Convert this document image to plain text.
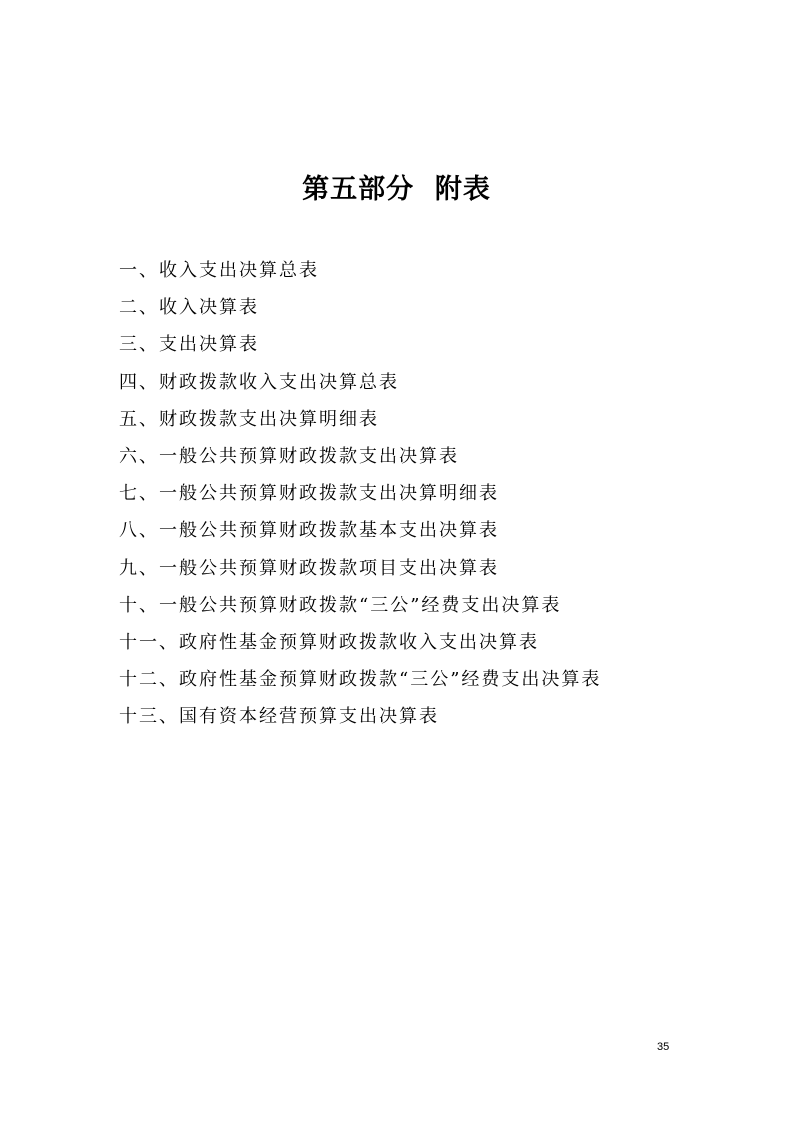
第五部分  附表
一、收入支出决算总表
二、收入决算表
三、支出决算表
四、财政拨款收入支出决算总表
五、财政拨款支出决算明细表
六、一般公共预算财政拨款支出决算表
七、一般公共预算财政拨款支出决算明细表
八、一般公共预算财政拨款基本支出决算表
九、一般公共预算财政拨款项目支出决算表
十、一般公共预算财政拨款“三公”经费支出决算表
十一、政府性基金预算财政拨款收入支出决算表
十二、政府性基金预算财政拨款“三公”经费支出决算表
十三、国有资本经营预算支出决算表
35
